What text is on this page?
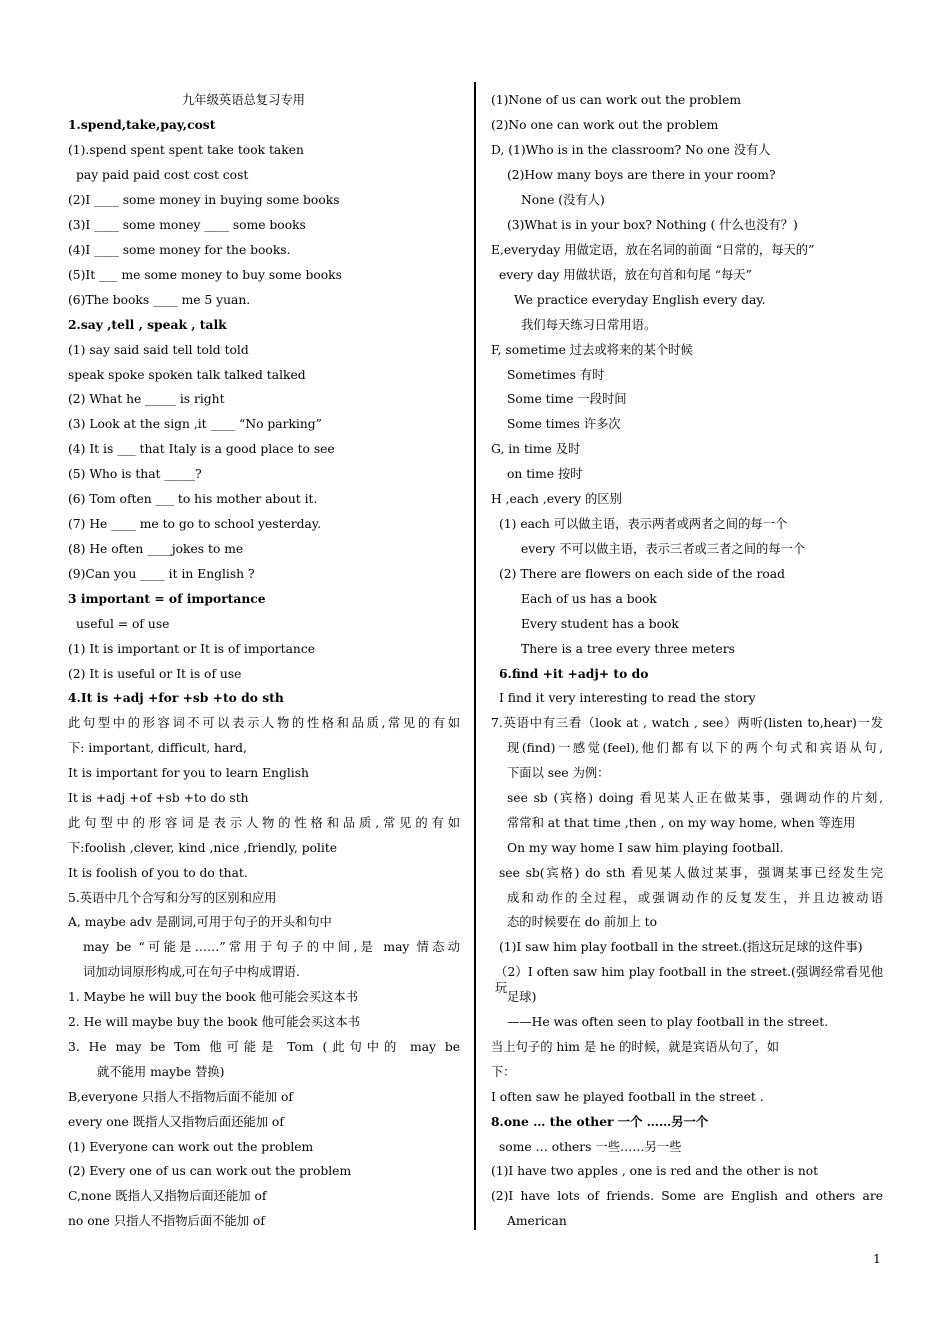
九年级英语总复习专用
1.spend,take,pay,cost
(1).spend spent spent take took taken
pay paid paid cost cost cost
(2)I ____ some money in buying some books
(3)I ____ some money ____ some books
(4)I ____ some money for the books.
(5)It ___ me some money to buy some books
(6)The books ____ me 5 yuan.
2.say ,tell , speak , talk
(1) say said said tell told told
speak spoke spoken talk talked talked
(2) What he _____ is right
(3) Look at the sign ,it ____ “No parking”
(4) It is ___ that Italy is a good place to see
(5) Who is that _____?
(6) Tom often ___ to his mother about it.
(7) He ____ me to go to school yesterday.
(8) He often ____jokes to me
(9)Can you ____ it in English ?
3 important = of importance
useful = of use
(1) It is important or It is of importance
(2) It is useful or It is of use
4.It is +adj +for +sb +to do sth
此句型中的形容词不可以表示人物的性格和品质,常见的有如
下: important, difficult, hard,
It is important for you to learn English
It is +adj +of +sb +to do sth
此句型中的形容词是表示人物的性格和品质,常见的有如
下:foolish ,clever, kind ,nice ,friendly, polite
It is foolish of you to do that.
5.英语中几个合写和分写的区别和应用
A, maybe adv 是副词,可用于句子的开头和句中
may be “可能是……”常用于句子的中间,是 may 情态动
词加动词原形构成,可在句子中构成谓语.
1. Maybe he will buy the book 他可能会买这本书
2. He will maybe buy the book 他可能会买这本书
3. He may be Tom 他可能是 Tom (此句中的 may be
就不能用 maybe 替换)
B,everyone 只指人不指物后面不能加 of
every one 既指人又指物后面还能加 of
(1) Everyone can work out the problem
(2) Every one of us can work out the problem
C,none 既指人又指物后面还能加 of
no one 只指人不指物后面不能加 of
(1)None of us can work out the problem
(2)No one can work out the problem
D, (1)Who is in the classroom? No one 没有人
(2)How many boys are there in your room?
None (没有人)
(3)What is in your box? Nothing ( 什么也没有？)
E,everyday 用做定语，放在名词的前面 “日常的，每天的”
every day 用做状语，放在句首和句尾 “每天”
We practice everyday English every day.
我们每天练习日常用语。
F, sometime 过去或将来的某个时候
Sometimes 有时
Some time 一段时间
Some times 许多次
G, in time 及时
on time 按时
H ,each ,every 的区别
(1) each 可以做主语，表示两者或两者之间的每一个
every 不可以做主语，表示三者或三者之间的每一个
(2) There are flowers on each side of the road
Each of us has a book
Every student has a book
There is a tree every three meters
6.find +it +adj+ to do
I find it very interesting to read the story
7.英语中有三看（look at , watch , see）两听(listen to,hear)一发
现(find)一感觉(feel),他们都有以下的两个句式和宾语从句,
下面以 see 为例：
see sb (宾格) doing 看见某人正在做某事，强调动作的片刻,
常常和 at that time ,then , on my way home, when 等连用
On my way home I saw him playing football.
see sb(宾格) do sth 看见某人做过某事，强调某事已经发生完
成和动作的全过程，或强调动作的反复发生，并且边被动语
态的时候要在 do 前加上 to
(1)I saw him play football in the street.(指这玩足球的这件事)
（2）I often saw him play football in the street.(强调经常看见他玩
足球)
——He was often seen to play football in the street.
当上句子的 him 是 he 的时候，就是宾语从句了，如
下：
I often saw he played football in the street .
8.one … the other 一个 ……另一个
some … others 一些……另一些
(1)I have two apples , one is red and the other is not
(2)I have lots of friends. Some are English and others are
American
1
